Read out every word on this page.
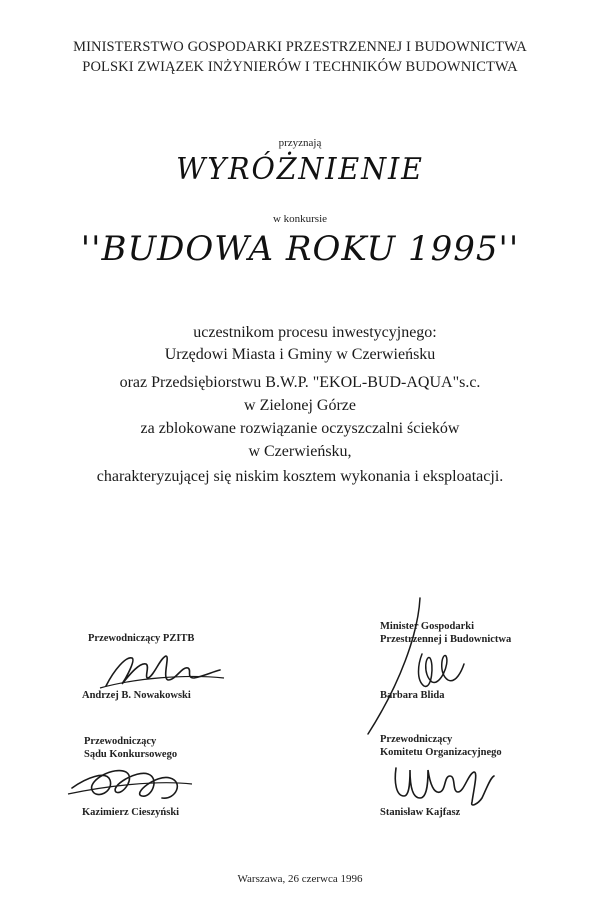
MINISTERSTWO GOSPODARKI PRZESTRZENNEJ I BUDOWNICTWA
POLSKI ZWIĄZEK INŻYNIERÓW I TECHNIKÓW BUDOWNICTWA
przyznają
WYRÓŻNIENIE
w konkursie
''BUDOWA ROKU 1995''
uczestnikom procesu inwestycyjnego:
Urzędowi Miasta i Gminy w Czerwieńsku
oraz Przedsiębiorstwu B.W.P. "EKOL-BUD-AQUA"s.c.
w Zielonej Górze
za zblokowane rozwiązanie oczyszczalni ścieków
w Czerwieńsku,
charakteryzującej się niskim kosztem wykonania i eksploatacji.
Przewodniczący PZITB
Andrzej B. Nowakowski
Przewodniczący
Sądu Konkursowego
Kazimierz Cieszyński
Minister Gospodarki
Przestrzennej i Budownictwa
Barbara Blida
Przewodniczący
Komitetu Organizacyjnego
Stanisław Kajfasz
Warszawa, 26 czerwca 1996
